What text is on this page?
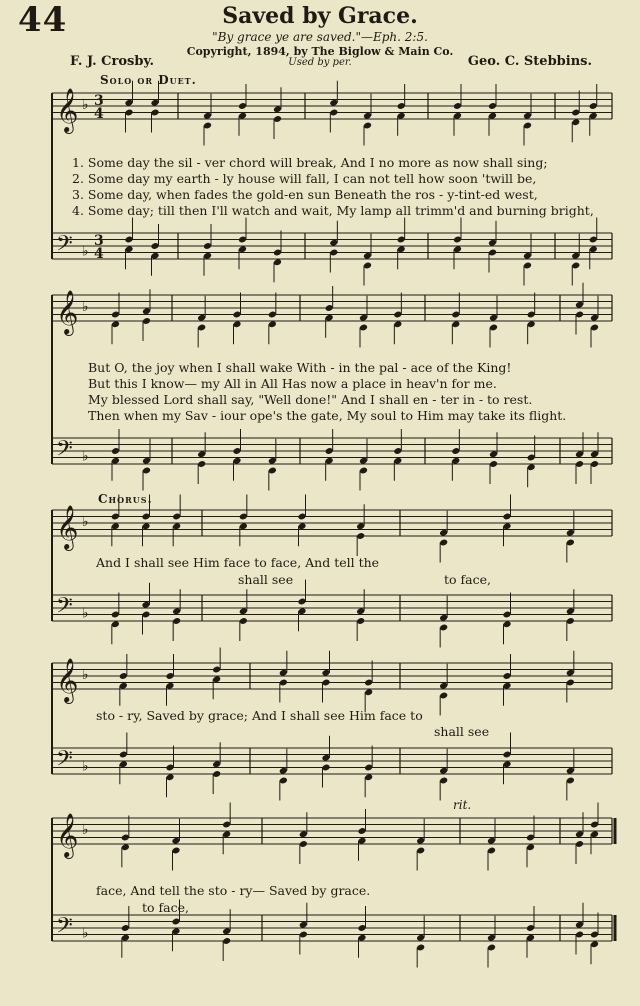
44	Saved by Grace.
"By grace ye are saved."—Eph. 2:5.
Copyright, 1894, by The Biglow & Main Co.
Used by per.
F. J. Crosby.	Geo. C. Stebbins.
Solo or Duet.
Chorus.
rit.
1. Some day the sil - ver chord will break, And I no more as now shall sing;
2. Some day my earth - ly house will fall, I can not tell how soon 'twill be,
3. Some day, when fades the gold-en sun Beneath the ros - y-tint-ed west,
4. Some day; till then I'll watch and wait, My lamp all trimm'd and burning bright,
But O, the joy when I shall wake With - in the pal - ace of the King!
But this I know— my All in All Has now a place in heav'n for me.
My blessed Lord shall say, "Well done!" And I shall en - ter in - to rest.
Then when my Sav - iour ope's the gate, My soul to Him may take its flight.
And I shall see Him face to face, And tell the
shall see	to face,
sto - ry, Saved by grace; And I shall see Him face to
shall see
face, And tell the sto - ry— Saved by grace.
to face,
𝄞 ♭ 3
4
𝄢 ♭
3
4
𝄞 ♭
𝄢 ♭
𝄞 ♭
𝄢 ♭
𝄞 ♭
𝄢 ♭
𝄞 ♭
𝄢 ♭
